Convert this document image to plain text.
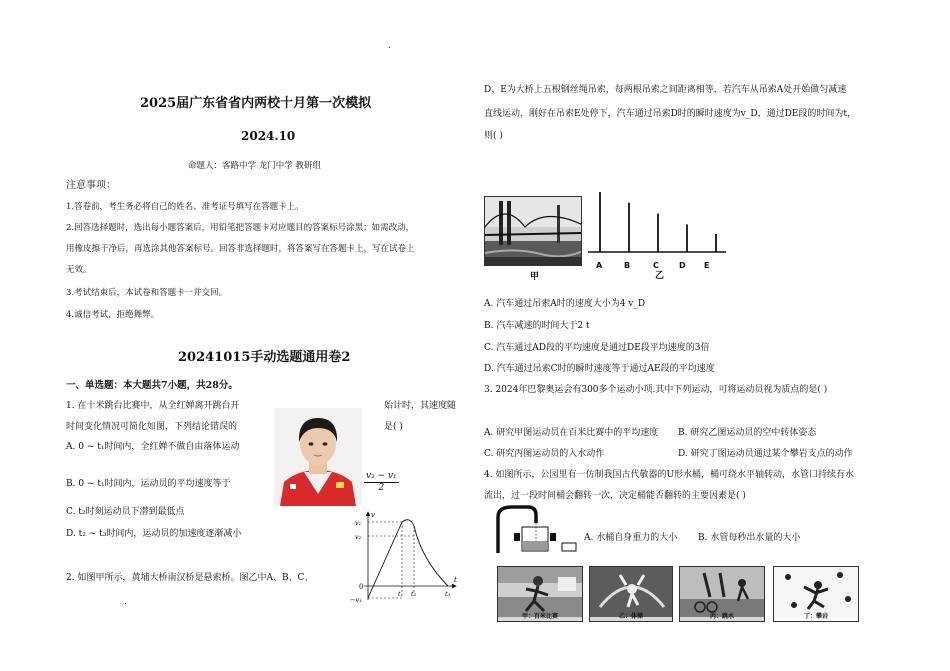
.
2025届广东省省内两校十月第一次模拟
2024.10
命题人：客路中学 龙门中学 教研组
注意事项：
1.答卷前，考生务必将自己的姓名、准考证号填写在答题卡上。
2.回答选择题时，选出每小题答案后，用铅笔把答题卡对应题目的答案标号涂黑；如需改动，
用橡皮擦干净后，再选涂其他答案标号。回答非选择题时，将答案写在答题卡上，写在试卷上
无效。
3.考试结束后，本试卷和答题卡一并交回。
4.诚信考试，拒绝舞弊。
20241015手动选题通用卷2
一、单选题：本大题共7小题，共28分。
1. 在十米跳台比赛中，从全红婵离开跳台开	始计时，其速度随
时间变化情况可简化如图，下列结论错误的	是( )
A. 0 ~ t₁时间内，全红婵不做自由落体运动
B. 0 ~ t₁时间内，运动员的平均速度等于	$\frac{\text{v₂ − v₁}}{2}$
C. t₂时刻运动员下潜到最低点
D. t₂ ~ t₃时间内，运动员的加速度逐渐减小
v
t
v₁
v₂
0
−v₁
t₁ t₂	t₃
2. 如图甲所示，黄埔大桥南汉桥是悬索桥。图乙中A、B、C、
.
D、E为大桥上五根钢丝绳吊索，每两根吊索之间距离相等，若汽车从吊索A处开始做匀减速
直线运动，刚好在吊索E处停下，汽车通过吊索D时的瞬时速度为v_D，通过DE段的时间为t，
则( )
甲
A	B	C	D E
乙
A. 汽车通过吊索A时的速度大小为4 v_D
B. 汽车减速的时间大于2 t
C. 汽车通过AD段的平均速度是通过DE段平均速度的3倍
D. 汽车通过吊索C时的瞬时速度等于通过AE段的平均速度
3. 2024年巴黎奥运会有300多个运动小项.其中下列运动，可将运动员视为质点的是( )
A. 研究甲图运动员在百米比赛中的平均速度 B. 研究乙图运动员的空中转体姿态
C. 研究丙图运动员的入水动作	D. 研究丁图运动员通过某个攀岩支点的动作
4. 如图所示，公园里有一仿制我国古代敬器的U形水桶，桶可绕水平轴转动，水管口持续有水
流出，过一段时间桶会翻转一次，决定桶能否翻转的主要因素是( )
A. 水桶自身重力的大小 B. 水管每秒出水量的大小
甲：百米比赛	乙：体操	丙：跳水	丁：攀岩
